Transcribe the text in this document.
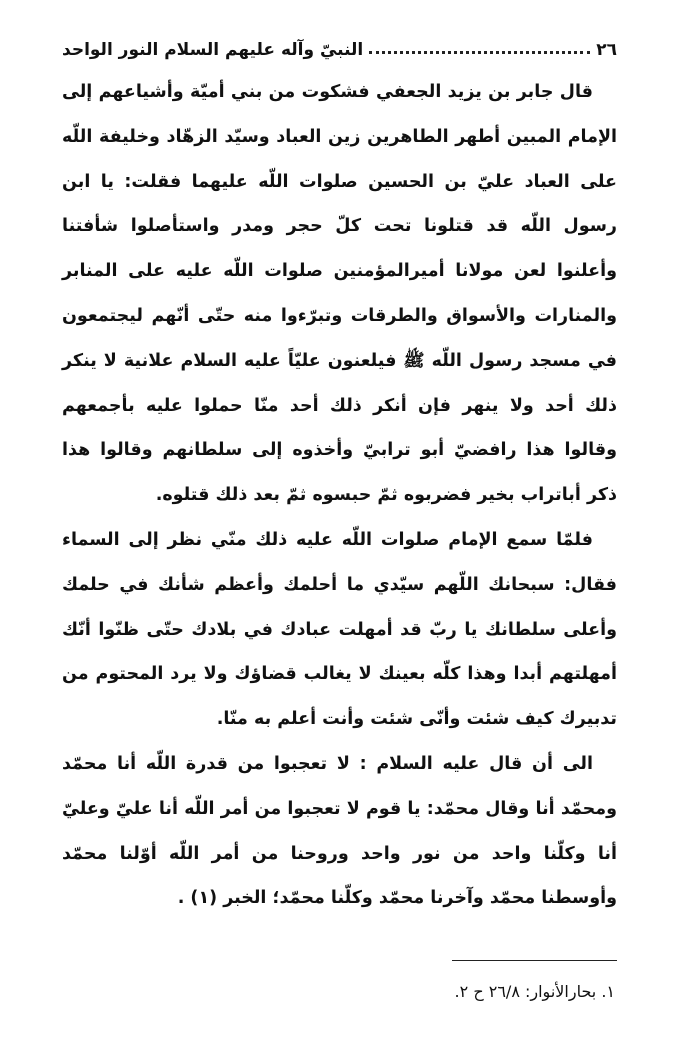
٢٦
النبيّ وآله عليهم السلام النور الواحد

قال جابر بن يزيد الجعفي فشكوت من بني أميّة وأشياعهم إلى الإمام المبين أطهر الطاهرين زين العباد وسيّد الزهّاد وخليفة اللّه على العباد عليّ بن الحسين صلوات اللّه عليهما فقلت: يا ابن رسول اللّه قد قتلونا تحت كلّ حجر ومدر واستأصلوا شأفتنا وأعلنوا لعن مولانا أميرالمؤمنين صلوات اللّه عليه على المنابر والمنارات والأسواق والطرقات وتبرّءوا منه حتّى أنّهم ليجتمعون في مسجد رسول اللّه ﷺ فيلعنون عليّاً عليه السلام علانية لا ينكر ذلك أحد ولا ينهر فإن أنكر ذلك أحد منّا حملوا عليه بأجمعهم وقالوا هذا رافضيّ أبو ترابيّ وأخذوه إلى سلطانهم وقالوا هذا ذكر أباتراب بخير فضربوه ثمّ حبسوه ثمّ بعد ذلك قتلوه.

فلمّا سمع الإمام صلوات اللّه عليه ذلك منّي نظر إلى السماء فقال: سبحانك اللّهم سيّدي ما أحلمك وأعظم شأنك في حلمك وأعلى سلطانك يا ربّ قد أمهلت عبادك في بلادك حتّى ظنّوا أنّك أمهلتهم أبدا وهذا كلّه بعينك لا يغالب قضاؤك ولا يرد المحتوم من تدبيرك كيف شئت وأنّى شئت وأنت أعلم به منّا.

الى أن قال عليه السلام : لا تعجبوا من قدرة اللّه أنا محمّد ومحمّد أنا وقال محمّد: يا قوم لا تعجبوا من أمر اللّه أنا عليّ وعليّ أنا وكلّنا واحد من نور واحد وروحنا من أمر اللّه أوّلنا محمّد وأوسطنا محمّد وآخرنا محمّد وكلّنا محمّد؛ الخبر (١) .

١. بحارالأنوار: ٢٦/٨ ح ٢.
